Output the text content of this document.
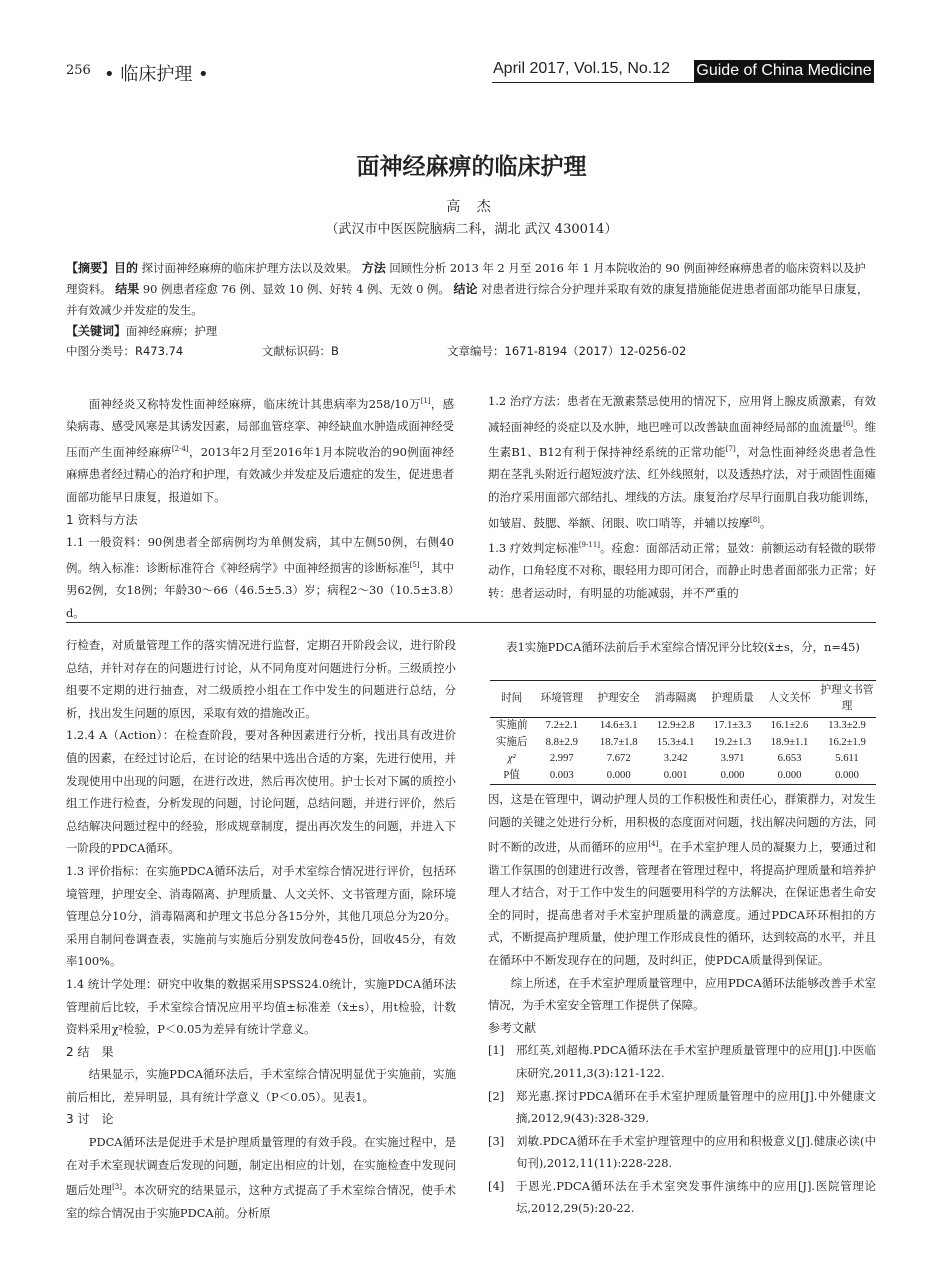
256 • 临床护理 •	April 2017, Vol.15, No.12 Guide of China Medicine
面神经麻痹的临床护理
高 杰
（武汉市中医医院脑病二科，湖北 武汉 430014）
【摘要】目的 探讨面神经麻痹的临床护理方法以及效果。 方法 回顾性分析 2013 年 2 月至 2016 年 1 月本院收治的 90 例面神经麻痹患者的临床资料以及护理资料。 结果 90 例患者痊愈 76 例、显效 10 例、好转 4 例、无效 0 例。 结论 对患者进行综合分护理并采取有效的康复措施能促进患者面部功能早日康复，并有效减少并发症的发生。
【关键词】面神经麻痹；护理
中图分类号：R473.74	文献标识码：B	文章编号：1671-8194（2017）12-0256-02

面神经炎又称特发性面神经麻痹，临床统计其患病率为258/10万[1]，感染病毒、感受风寒是其诱发因素，局部血管痉挛、神经缺血水肿造成面神经受压而产生面神经麻痹[2-4]，2013年2月至2016年1月本院收治的90例面神经麻痹患者经过精心的治疗和护理，有效减少并发症及后遗症的发生，促进患者面部功能早日康复，报道如下。

1 资料与方法

1.1 一般资料：90例患者全部病例均为单侧发病，其中左侧50例，右侧40例。纳入标准：诊断标准符合《神经病学》中面神经损害的诊断标准[5]，其中男62例，女18例；年龄30～66（46.5±5.3）岁；病程2～30（10.5±3.8）d。

1.2 治疗方法：患者在无激素禁忌使用的情况下，应用肾上腺皮质激素，有效减轻面神经的炎症以及水肿，地巴唑可以改善缺血面神经局部的血流量[6]。维生素B1、B12有利于保持神经系统的正常功能[7]，对急性面神经炎患者急性期在茎乳头附近行超短波疗法、红外线照射，以及透热疗法，对于顽固性面瘫的治疗采用面部穴部结扎、埋线的方法。康复治疗尽早行面肌自我功能训练，如皱眉、鼓腮、举额、闭眼、吹口哨等，并辅以按摩[8]。

1.3 疗效判定标准[9-11]。痊愈：面部活动正常；显效：前额运动有轻微的联带动作，口角轻度不对称，眼轻用力即可闭合，而静止时患者面部张力正常；好转：患者运动时，有明显的功能减弱，并不严重的

行检查，对质量管理工作的落实情况进行监督，定期召开阶段会议，进行阶段总结，并针对存在的问题进行讨论，从不同角度对问题进行分析。三级质控小组要不定期的进行抽查，对二级质控小组在工作中发生的问题进行总结，分析，找出发生问题的原因，采取有效的措施改正。

1.2.4 A（Action）：在检查阶段，要对各种因素进行分析，找出具有改进价值的因素，在经过讨论后，在讨论的结果中选出合适的方案，先进行使用，并发现使用中出现的问题，在进行改进，然后再次使用。护士长对下属的质控小组工作进行检查，分析发现的问题，讨论问题，总结问题，并进行评价，然后总结解决问题过程中的经验，形成规章制度，提出再次发生的问题，并进入下一阶段的PDCA循环。

1.3 评价指标：在实施PDCA循环法后，对手术室综合情况进行评价，包括环境管理，护理安全、消毒隔离、护理质量、人文关怀、文书管理方面，除环境管理总分10分，消毒隔离和护理文书总分各15分外，其他几项总分为20分。采用自制问卷调查表，实施前与实施后分别发放问卷45份，回收45分，有效率100%。

1.4 统计学处理：研究中收集的数据采用SPSS24.0统计，实施PDCA循环法管理前后比较，手术室综合情况应用平均值±标准差（x̄±s），用t检验，计数资料采用χ²检验，P＜0.05为差异有统计学意义。

2 结　果

结果显示，实施PDCA循环法后，手术室综合情况明显优于实施前，实施前后相比，差异明显，具有统计学意义（P＜0.05）。见表1。

3 讨　论

PDCA循环法是促进手术是护理质量管理的有效手段。在实施过程中，是在对手术室现状调查后发现的问题，制定出相应的计划，在实施检查中发现问题后处理[3]。本次研究的结果显示，这种方式提高了手术室综合情况，使手术室的综合情况由于实施PDCA前。分析原

表1实施PDCA循环法前后手术室综合情况评分比较(x̄±s，分，n=45)
时间	环境管理	护理安全	消毒隔离	护理质量	人文关怀	护理文书管理
实施前	7.2±2.1	14.6±3.1	12.9±2.8	17.1±3.3	16.1±2.6	13.3±2.9
实施后	8.8±2.9	18.7±1.8	15.3±4.1	19.2±1.3	18.9±1.1	16.2±1.9
χ²	2.997	7.672	3.242	3.971	6.653	5.611
P值	0.003	0.000	0.001	0.000	0.000	0.000

因，这是在管理中，调动护理人员的工作积极性和责任心，群策群力，对发生问题的关键之处进行分析，用积极的态度面对问题，找出解决问题的方法，同时不断的改进，从而循环的应用[4]。在手术室护理人员的凝聚力上，要通过和谐工作氛围的创建进行改善，管理者在管理过程中，将提高护理质量和培养护理人才结合，对于工作中发生的问题要用科学的方法解决，在保证患者生命安全的同时，提高患者对手术室护理质量的满意度。通过PDCA环环相扣的方式，不断提高护理质量，使护理工作形成良性的循环，达到较高的水平，并且在循环中不断发现存在的问题，及时纠正，使PDCA质量得到保证。

综上所述，在手术室护理质量管理中，应用PDCA循环法能够改善手术室情况，为手术室安全管理工作提供了保障。

参考文献

[1] 邢红英,刘超梅.PDCA循环法在手术室护理质量管理中的应用[J].中医临床研究,2011,3(3):121-122.
[2] 郑光惠.探讨PDCA循环在手术室护理质量管理中的应用[J].中外健康文摘,2012,9(43):328-329.
[3] 刘敏.PDCA循环在手术室护理管理中的应用和积极意义[J].健康必读(中旬刊),2012,11(11):228-228.
[4] 于恩光.PDCA循环法在手术室突发事件演练中的应用[J].医院管理论坛,2012,29(5):20-22.
